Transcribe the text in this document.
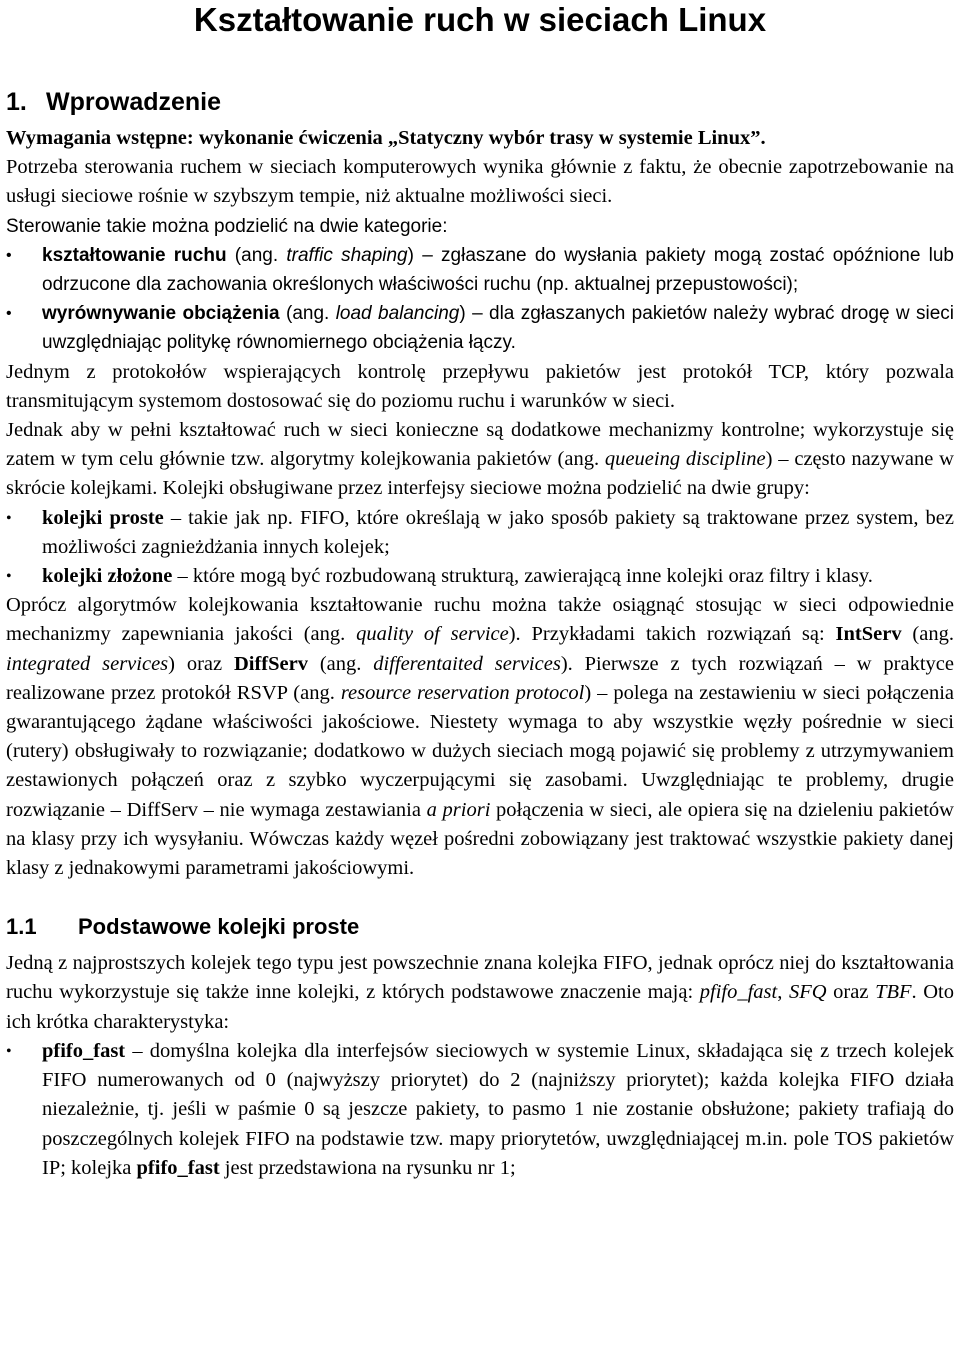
Kształtowanie ruch w sieciach Linux
1. Wprowadzenie

Wymagania wstępne: wykonanie ćwiczenia „Statyczny wybór trasy w systemie Linux”.

Potrzeba sterowania ruchem w sieciach komputerowych wynika głównie z faktu, że obecnie zapotrzebowanie na usługi sieciowe rośnie w szybszym tempie, niż aktualne możliwości sieci.

Sterowanie takie można podzielić na dwie kategorie:

• kształtowanie ruchu (ang. traffic shaping) – zgłaszane do wysłania pakiety mogą zostać opóźnione lub odrzucone dla zachowania określonych właściwości ruchu (np. aktualnej przepustowości);
• wyrównywanie obciążenia (ang. load balancing) – dla zgłaszanych pakietów należy wybrać drogę w sieci uwzględniając politykę równomiernego obciążenia łączy.

Jednym z protokołów wspierających kontrolę przepływu pakietów jest protokół TCP, który pozwala transmitującym systemom dostosować się do poziomu ruchu i warunków w sieci.

Jednak aby w pełni kształtować ruch w sieci konieczne są dodatkowe mechanizmy kontrolne; wykorzystuje się zatem w tym celu głównie tzw. algorytmy kolejkowania pakietów (ang. queueing discipline) – często nazywane w skrócie kolejkami. Kolejki obsługiwane przez interfejsy sieciowe można podzielić na dwie grupy:

• kolejki proste – takie jak np. FIFO, które określają w jako sposób pakiety są traktowane przez system, bez możliwości zagnieżdżania innych kolejek;
• kolejki złożone – które mogą być rozbudowaną strukturą, zawierającą inne kolejki oraz filtry i klasy.

Oprócz algorytmów kolejkowania kształtowanie ruchu można także osiągnąć stosując w sieci odpowiednie mechanizmy zapewniania jakości (ang. quality of service). Przykładami takich rozwiązań są: IntServ (ang. integrated services) oraz DiffServ (ang. differentaited services). Pierwsze z tych rozwiązań – w praktyce realizowane przez protokół RSVP (ang. resource reservation protocol) – polega na zestawieniu w sieci połączenia gwarantującego żądane właściwości jakościowe. Niestety wymaga to aby wszystkie węzły pośrednie w sieci (rutery) obsługiwały to rozwiązanie; dodatkowo w dużych sieciach mogą pojawić się problemy z utrzymywaniem zestawionych połączeń oraz z szybko wyczerpującymi się zasobami. Uwzględniając te problemy, drugie rozwiązanie – DiffServ – nie wymaga zestawiania a priori połączenia w sieci, ale opiera się na dzieleniu pakietów na klasy przy ich wysyłaniu. Wówczas każdy węzeł pośredni zobowiązany jest traktować wszystkie pakiety danej klasy z jednakowymi parametrami jakościowymi.

1.1 Podstawowe kolejki proste

Jedną z najprostszych kolejek tego typu jest powszechnie znana kolejka FIFO, jednak oprócz niej do kształtowania ruchu wykorzystuje się także inne kolejki, z których podstawowe znaczenie mają: pfifo_fast, SFQ oraz TBF. Oto ich krótka charakterystyka:

• pfifo_fast – domyślna kolejka dla interfejsów sieciowych w systemie Linux, składająca się z trzech kolejek FIFO numerowanych od 0 (najwyższy priorytet) do 2 (najniższy priorytet); każda kolejka FIFO działa niezależnie, tj. jeśli w paśmie 0 są jeszcze pakiety, to pasmo 1 nie zostanie obsłużone; pakiety trafiają do poszczególnych kolejek FIFO na podstawie tzw. mapy priorytetów, uwzględniającej m.in. pole TOS pakietów IP; kolejka pfifo_fast jest przedstawiona na rysunku nr 1;
